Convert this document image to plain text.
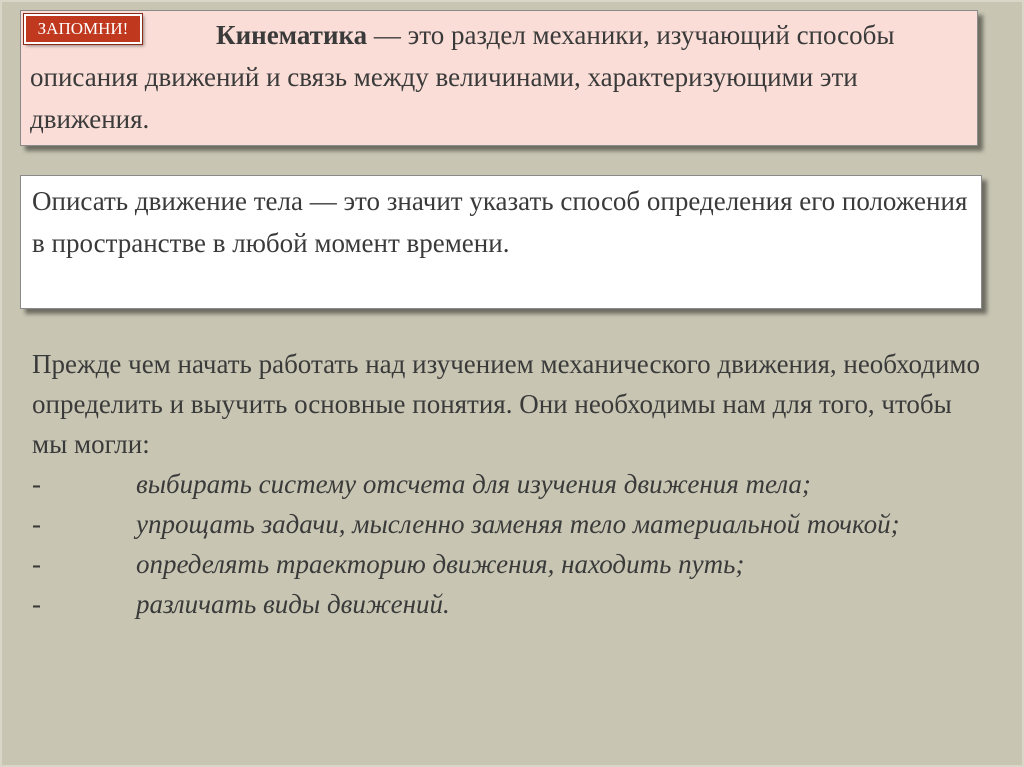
Кинематика — это раздел механики, изучающий способы описания движений и связь между величинами, характеризующими эти движения.

ЗАПОМНИ!

Описать движение тела — это значит указать способ определения его положения в пространстве в любой момент времени.

Прежде чем начать работать над изучением механического движения, необходимо определить и выучить основные понятия. Они необходимы нам для того, чтобы мы могли:

-	выбирать систему отсчета для изучения движения тела;
-	упрощать задачи, мысленно заменяя тело материальной точкой;
-	определять траекторию движения, находить путь;
-	различать виды движений.
